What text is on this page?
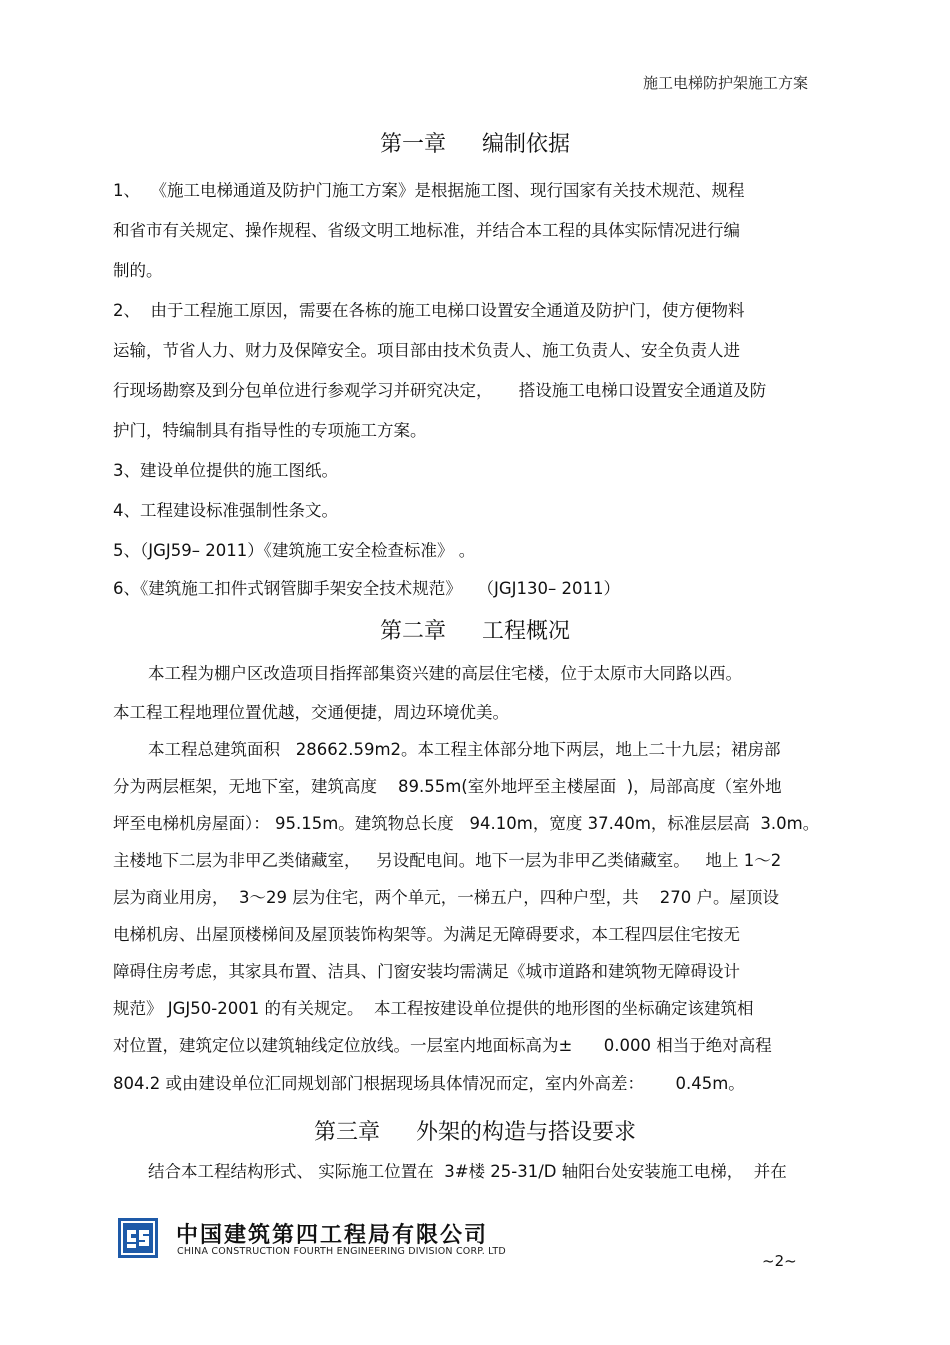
施工电梯防护架施工方案
第一章 编制依据
1、  《施工电梯通道及防护门施工方案》是根据施工图、现行国家有关技术规范、规程
和省市有关规定、操作规程、省级文明工地标准，并结合本工程的具体实际情况进行编
制的。
2、  由于工程施工原因，需要在各栋的施工电梯口设置安全通道及防护门，使方便物料
运输，节省人力、财力及保障安全。项目部由技术负责人、施工负责人、安全负责人进
行现场勘察及到分包单位进行参观学习并研究决定，     搭设施工电梯口设置安全通道及防
护门，特编制具有指导性的专项施工方案。
3、建设单位提供的施工图纸。
4、工程建设标准强制性条文。
5、（JGJ59– 2011）《建筑施工安全检查标准》 。
6、《建筑施工扣件式钢管脚手架安全技术规范》   （JGJ130– 2011）
第二章 工程概况
本工程为棚户区改造项目指挥部集资兴建的高层住宅楼，位于太原市大同路以西。
本工程工程地理位置优越，交通便捷，周边环境优美。
本工程总建筑面积   28662.59m2。本工程主体部分地下两层，地上二十九层；裙房部
分为两层框架，无地下室，建筑高度    89.55m(室外地坪至主楼屋面  )，局部高度（室外地
坪至电梯机房屋面）： 95.15m。建筑物总长度   94.10m，宽度 37.40m，标准层层高  3.0m。
主楼地下二层为非甲乙类储藏室，   另设配电间。地下一层为非甲乙类储藏室。   地上 1～2
层为商业用房，  3～29 层为住宅，两个单元，一梯五户，四种户型，共    270 户。屋顶设
电梯机房、出屋顶楼梯间及屋顶装饰构架等。为满足无障碍要求，本工程四层住宅按无
障碍住房考虑，其家具布置、洁具、门窗安装均需满足《城市道路和建筑物无障碍设计
规范》 JGJ50-2001 的有关规定。  本工程按建设单位提供的地形图的坐标确定该建筑相
对位置，建筑定位以建筑轴线定位放线。一层室内地面标高为±      0.000 相当于绝对高程
804.2 或由建设单位汇同规划部门根据现场具体情况而定，室内外高差：      0.45m。
第三章 外架的构造与搭设要求
结合本工程结构形式、 实际施工位置在  3#楼 25-31/D 轴阳台处安装施工电梯，  并在
中国建筑第四工程局有限公司
CHINA CONSTRUCTION FOURTH ENGINEERING DIVISION CORP. LTD
~2~
